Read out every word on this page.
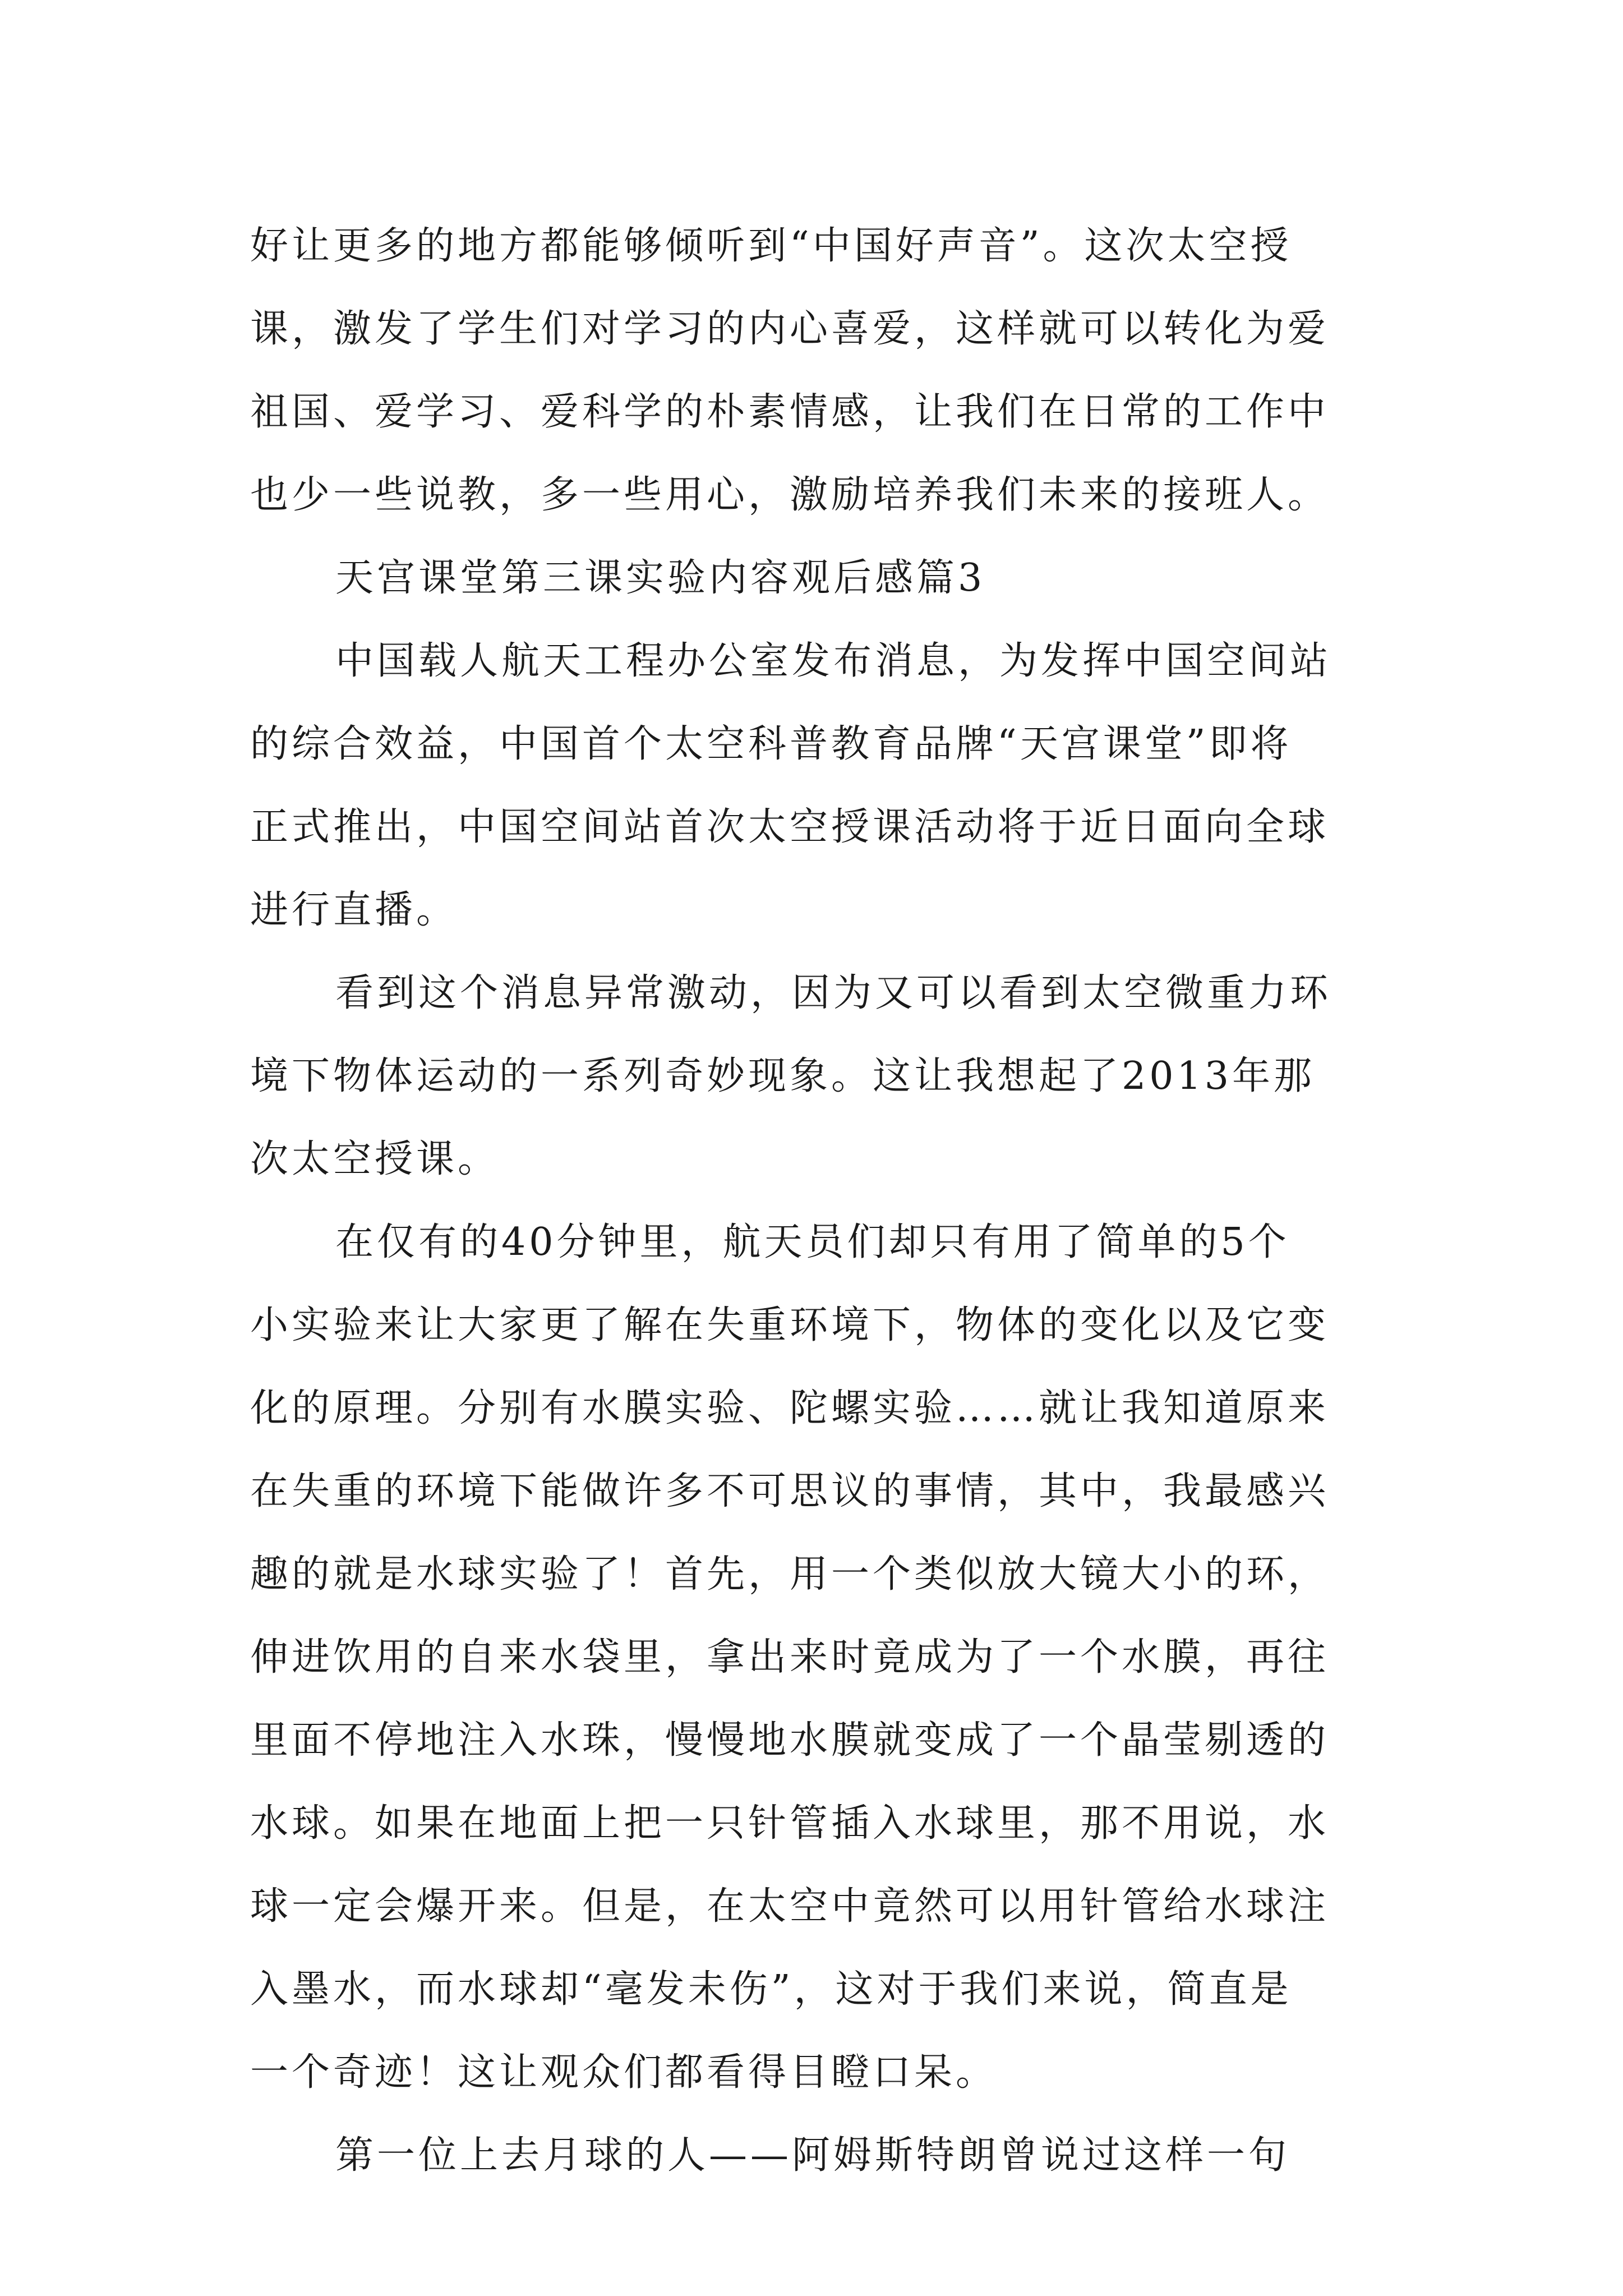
好让更多的地方都能够倾听到“中国好声音”。这次太空授
课，激发了学生们对学习的内心喜爱，这样就可以转化为爱
祖国、爱学习、爱科学的朴素情感，让我们在日常的工作中
也少一些说教，多一些用心，激励培养我们未来的接班人。
天宫课堂第三课实验内容观后感篇3
中国载人航天工程办公室发布消息，为发挥中国空间站
的综合效益，中国首个太空科普教育品牌“天宫课堂”即将
正式推出，中国空间站首次太空授课活动将于近日面向全球
进行直播。
看到这个消息异常激动，因为又可以看到太空微重力环
境下物体运动的一系列奇妙现象。这让我想起了2013年那
次太空授课。
在仅有的40分钟里，航天员们却只有用了简单的5个
小实验来让大家更了解在失重环境下，物体的变化以及它变
化的原理。分别有水膜实验、陀螺实验……就让我知道原来
在失重的环境下能做许多不可思议的事情，其中，我最感兴
趣的就是水球实验了！首先，用一个类似放大镜大小的环，
伸进饮用的自来水袋里，拿出来时竟成为了一个水膜，再往
里面不停地注入水珠，慢慢地水膜就变成了一个晶莹剔透的
水球。如果在地面上把一只针管插入水球里，那不用说，水
球一定会爆开来。但是，在太空中竟然可以用针管给水球注
入墨水，而水球却“毫发未伤”，这对于我们来说，简直是
一个奇迹！这让观众们都看得目瞪口呆。
第一位上去月球的人——阿姆斯特朗曾说过这样一句
